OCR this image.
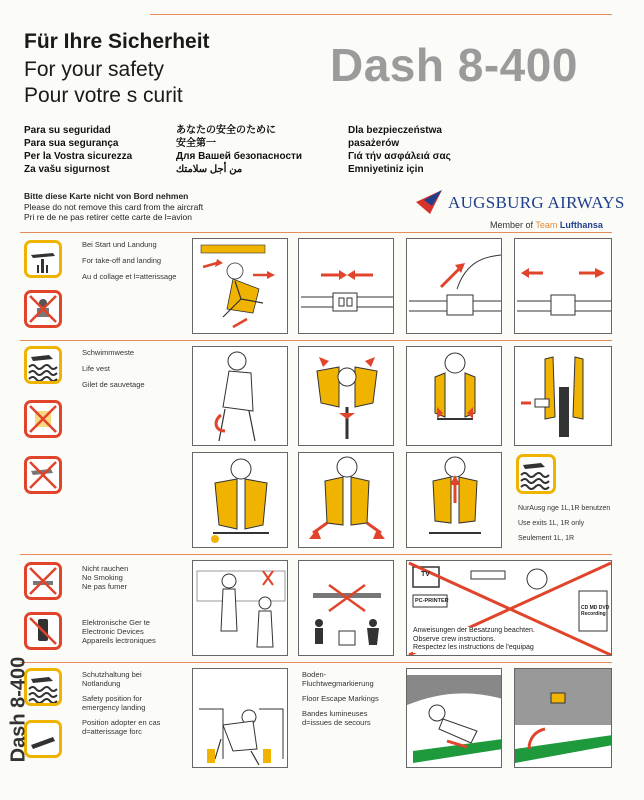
Für Ihre Sicherheit
For your safety
Pour votre s curit
Dash 8-400
Para su seguridad
Para sua segurança
Per la Vostra sicurezza
Za vašu sigurnost
あなたの安全のために
安全第一
Для Вашей безопасности
من أجل سلامتك
Dla bezpieczeństwa
pasażerów
Γιά τήν ασφάλειά σας
Emniyetiniz için
Bitte diese Karte nicht von Bord nehmen
Please do not remove this card from the aircraft
Pri re de ne pas retirer cette carte de l=avion
AUGSBURG AIRWAYS
Member of Team Lufthansa
Bei Start und Landung
For take-off and landing
Au d collage et l=atterissage
Schwimmweste
Life vest
Gilet de sauvetage
NurAusg nge 1L,1R benutzen
Use exits 1L, 1R only
Seulement 1L, 1R
Nicht rauchen
No Smoking
Ne pas fumer
Elektronische Ger te
Electronic Devices
Appareils lectroniques
TV
PC-PRINTER
CD MD DVD
Recording
Anweisungen der Besatzung beachten.
Observe crew instructions.
Respectez les instructions de l'equipag
Schutzhaltung bei
Notlandung
Safety position for
emergency landing
Position adopter en cas
d=atterissage forc
Boden-
Fluchtwegmarkierung
Floor Escape Markings
Bandes lumineuses
d=issues de secours
Dash 8-400
